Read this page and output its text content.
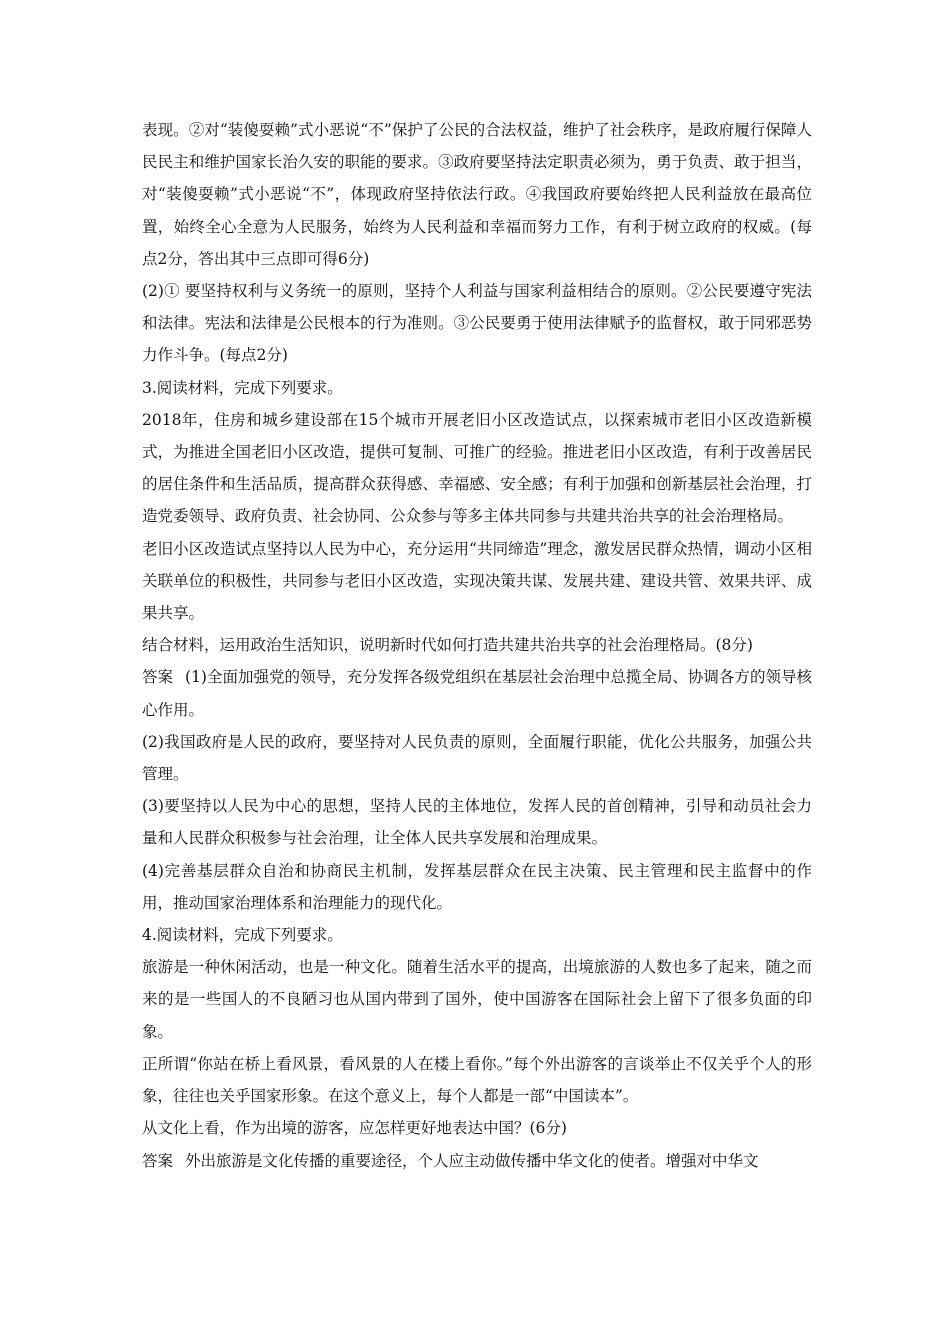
表现。②对“装傻耍赖”式小恶说“不”保护了公民的合法权益，维护了社会秩序，是政府履行保障人民民主和维护国家长治久安的职能的要求。③政府要坚持法定职责必须为，勇于负责、敢于担当，对“装傻耍赖”式小恶说“不”，体现政府坚持依法行政。④我国政府要始终把人民利益放在最高位置，始终全心全意为人民服务，始终为人民利益和幸福而努力工作，有利于树立政府的权威。(每点2分，答出其中三点即可得6分)

(2)① 要坚持权利与义务统一的原则，坚持个人利益与国家利益相结合的原则。②公民要遵守宪法和法律。宪法和法律是公民根本的行为准则。③公民要勇于使用法律赋予的监督权，敢于同邪恶势力作斗争。(每点2分)

3.阅读材料，完成下列要求。

2018年，住房和城乡建设部在15个城市开展老旧小区改造试点，以探索城市老旧小区改造新模式，为推进全国老旧小区改造，提供可复制、可推广的经验。推进老旧小区改造，有利于改善居民的居住条件和生活品质，提高群众获得感、幸福感、安全感；有利于加强和创新基层社会治理，打造党委领导、政府负责、社会协同、公众参与等多主体共同参与共建共治共享的社会治理格局。

老旧小区改造试点坚持以人民为中心，充分运用“共同缔造”理念，激发居民群众热情，调动小区相关联单位的积极性，共同参与老旧小区改造，实现决策共谋、发展共建、建设共管、效果共评、成果共享。

结合材料，运用政治生活知识，说明新时代如何打造共建共治共享的社会治理格局。(8分)

答案 (1)全面加强党的领导，充分发挥各级党组织在基层社会治理中总揽全局、协调各方的领导核心作用。

(2)我国政府是人民的政府，要坚持对人民负责的原则，全面履行职能，优化公共服务，加强公共管理。

(3)要坚持以人民为中心的思想，坚持人民的主体地位，发挥人民的首创精神，引导和动员社会力量和人民群众积极参与社会治理，让全体人民共享发展和治理成果。

(4)完善基层群众自治和协商民主机制，发挥基层群众在民主决策、民主管理和民主监督中的作用，推动国家治理体系和治理能力的现代化。

4.阅读材料，完成下列要求。

旅游是一种休闲活动，也是一种文化。随着生活水平的提高，出境旅游的人数也多了起来，随之而来的是一些国人的不良陋习也从国内带到了国外，使中国游客在国际社会上留下了很多负面的印象。

正所谓“你站在桥上看风景，看风景的人在楼上看你。”每个外出游客的言谈举止不仅关乎个人的形象，往往也关乎国家形象。在这个意义上，每个人都是一部“中国读本”。

从文化上看，作为出境的游客，应怎样更好地表达中国？(6分)

答案 外出旅游是文化传播的重要途径，个人应主动做传播中华文化的使者。增强对中华文
